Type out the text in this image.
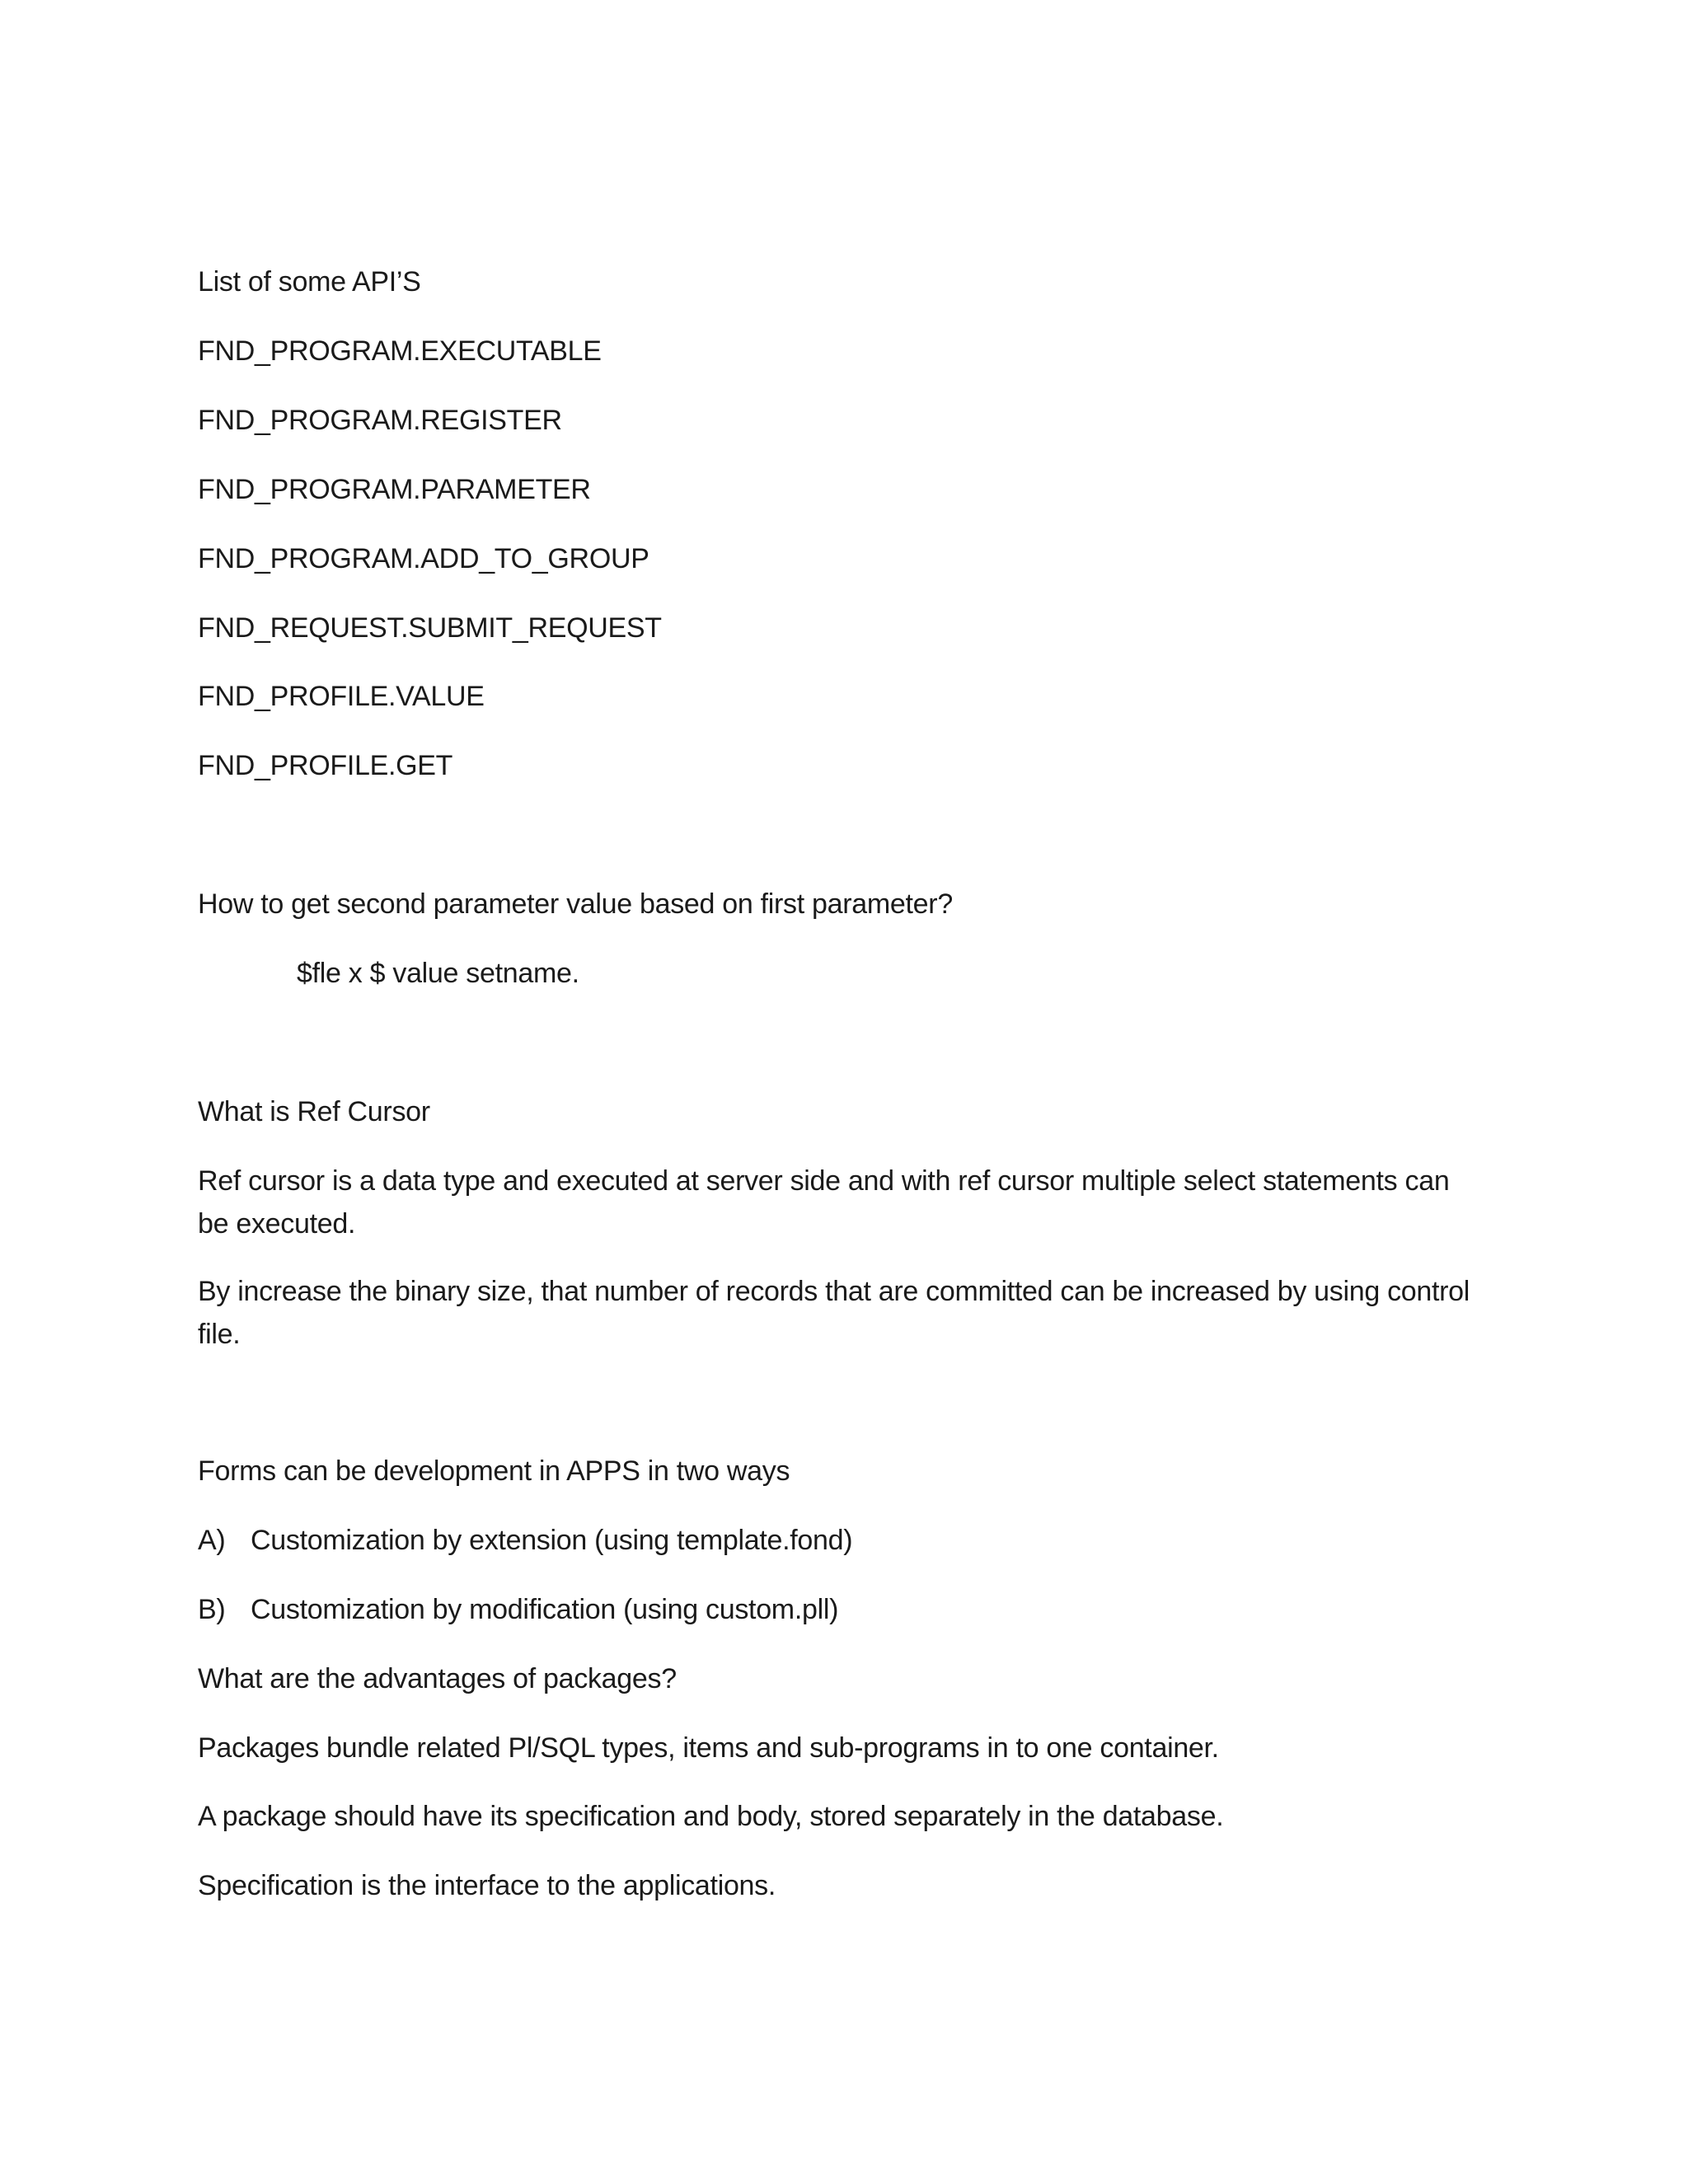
List of some API’S
FND_PROGRAM.EXECUTABLE
FND_PROGRAM.REGISTER
FND_PROGRAM.PARAMETER
FND_PROGRAM.ADD_TO_GROUP
FND_REQUEST.SUBMIT_REQUEST
FND_PROFILE.VALUE
FND_PROFILE.GET
How to get second parameter value based on first parameter?
$fle x $ value setname.
What is Ref Cursor
Ref cursor is a data type and executed at server side and with ref cursor multiple select statements can be executed.
By increase the binary size, that number of records that are committed can be increased by using control file.
Forms can be development in APPS in two ways
A) Customization by extension (using template.fond)
B) Customization by modification (using custom.pll)
What are the advantages of packages?
Packages bundle related Pl/SQL types, items and sub-programs in to one container.
A package should have its specification and body, stored separately in the database.
Specification is the interface to the applications.
